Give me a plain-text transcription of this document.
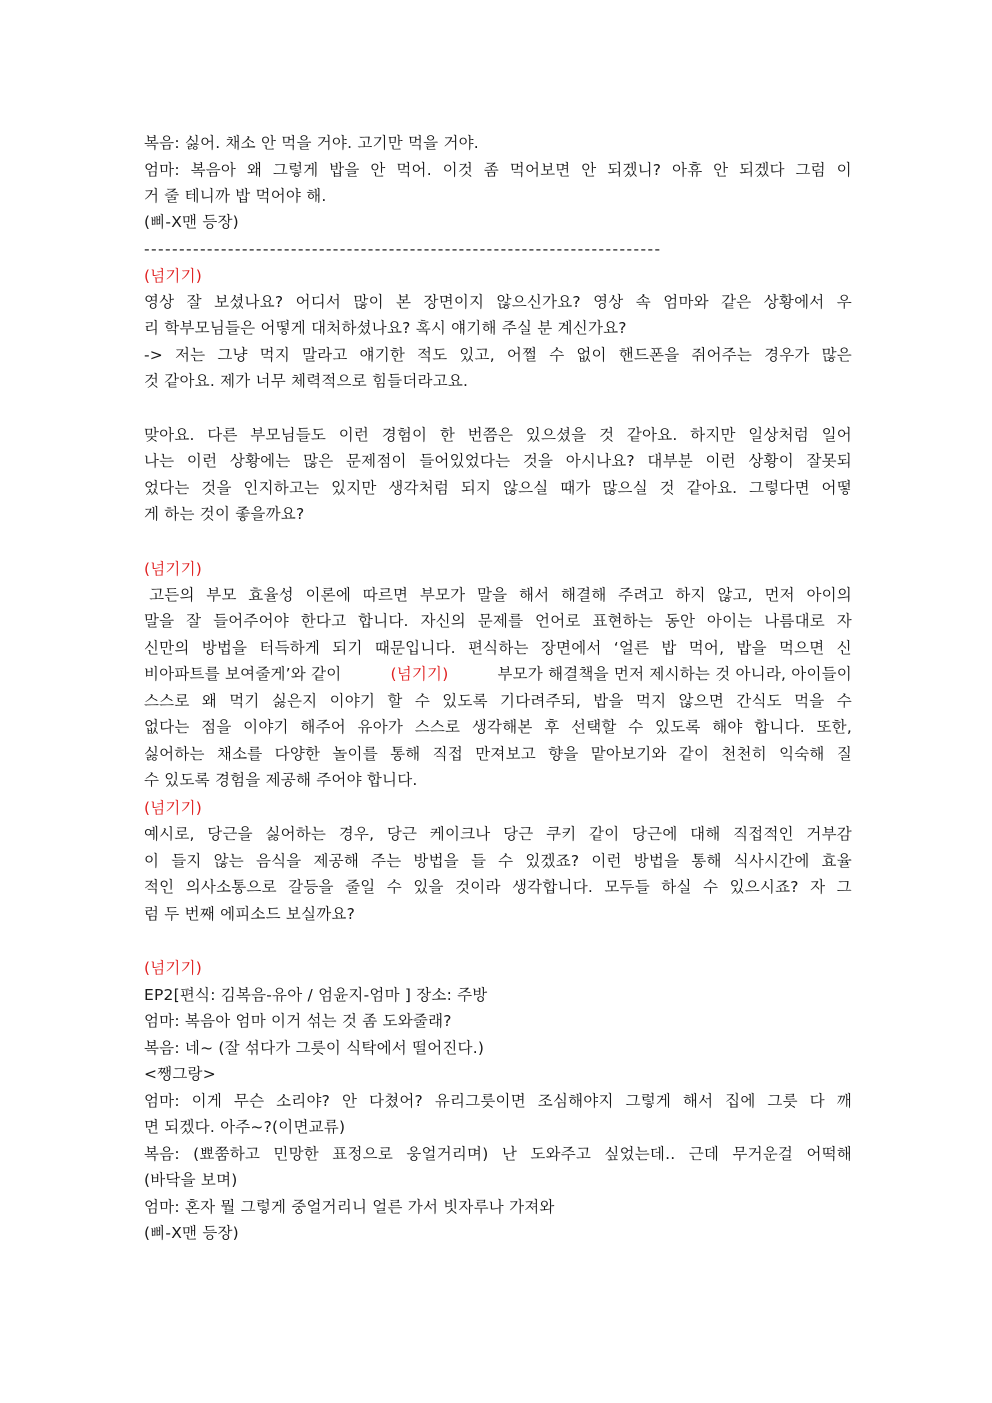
복음: 싫어. 채소 안 먹을 거야. 고기만 먹을 거야.
엄마: 복음아 왜 그렇게 밥을 안 먹어. 이것 좀 먹어보면 안 되겠니? 아휴 안 되겠다 그럼 이
거 줄 테니까 밥 먹어야 해.
(삐-X맨 등장)
--------------------------------------------------------------------------
(넘기기)
영상 잘 보셨나요? 어디서 많이 본 장면이지 않으신가요? 영상 속 엄마와 같은 상황에서 우
리 학부모님들은 어떻게 대처하셨나요? 혹시 얘기해 주실 분 계신가요?
-> 저는 그냥 먹지 말라고 얘기한 적도 있고, 어쩔 수 없이 핸드폰을 쥐어주는 경우가 많은
것 같아요. 제가 너무 체력적으로 힘들더라고요.
맞아요. 다른 부모님들도 이런 경험이 한 번쯤은 있으셨을 것 같아요. 하지만 일상처럼 일어
나는 이런 상황에는 많은 문제점이 들어있었다는 것을 아시나요? 대부분 이런 상황이 잘못되
었다는 것을 인지하고는 있지만 생각처럼 되지 않으실 때가 많으실 것 같아요. 그렇다면 어떻
게 하는 것이 좋을까요?
(넘기기)
고든의 부모 효율성 이론에 따르면 부모가 말을 해서 해결해 주려고 하지 않고, 먼저 아이의
말을 잘 들어주어야 한다고 합니다. 자신의 문제를 언어로 표현하는 동안 아이는 나름대로 자
신만의 방법을 터득하게 되기 때문입니다. 편식하는 장면에서 ‘얼른 밥 먹어, 밥을 먹으면 신
비아파트를 보여줄게’와 같이	(넘기기)	부모가 해결책을 먼저 제시하는 것 아니라, 아이들이
스스로 왜 먹기 싫은지 이야기 할 수 있도록 기다려주되, 밥을 먹지 않으면 간식도 먹을 수
없다는 점을 이야기 해주어 유아가 스스로 생각해본 후 선택할 수 있도록 해야 합니다. 또한,
싫어하는 채소를 다양한 놀이를 통해 직접 만져보고 향을 맡아보기와 같이 천천히 익숙해 질
수 있도록 경험을 제공해 주어야 합니다.
(넘기기)
예시로, 당근을 싫어하는 경우, 당근 케이크나 당근 쿠키 같이 당근에 대해 직접적인 거부감
이 들지 않는 음식을 제공해 주는 방법을 들 수 있겠죠? 이런 방법을 통해 식사시간에 효율
적인 의사소통으로 갈등을 줄일 수 있을 것이라 생각합니다. 모두들 하실 수 있으시죠? 자 그
럼 두 번째 에피소드 보실까요?
(넘기기)
EP2[편식: 김복음-유아 / 엄윤지-엄마 ] 장소: 주방
엄마: 복음아 엄마 이거 섞는 것 좀 도와줄래?
복음: 네~ (잘 섞다가 그릇이 식탁에서 떨어진다.)
<쨍그랑>
엄마: 이게 무슨 소리야? 안 다쳤어? 유리그릇이면 조심해야지 그렇게 해서 집에 그릇 다 깨
면 되겠다. 아주~?(이면교류)
복음: (뾰쭘하고 민망한 표정으로 웅얼거리며) 난 도와주고 싶었는데.. 근데 무거운걸 어떡해
(바닥을 보며)
엄마: 혼자 뭘 그렇게 중얼거리니 얼른 가서 빗자루나 가져와
(삐-X맨 등장)
